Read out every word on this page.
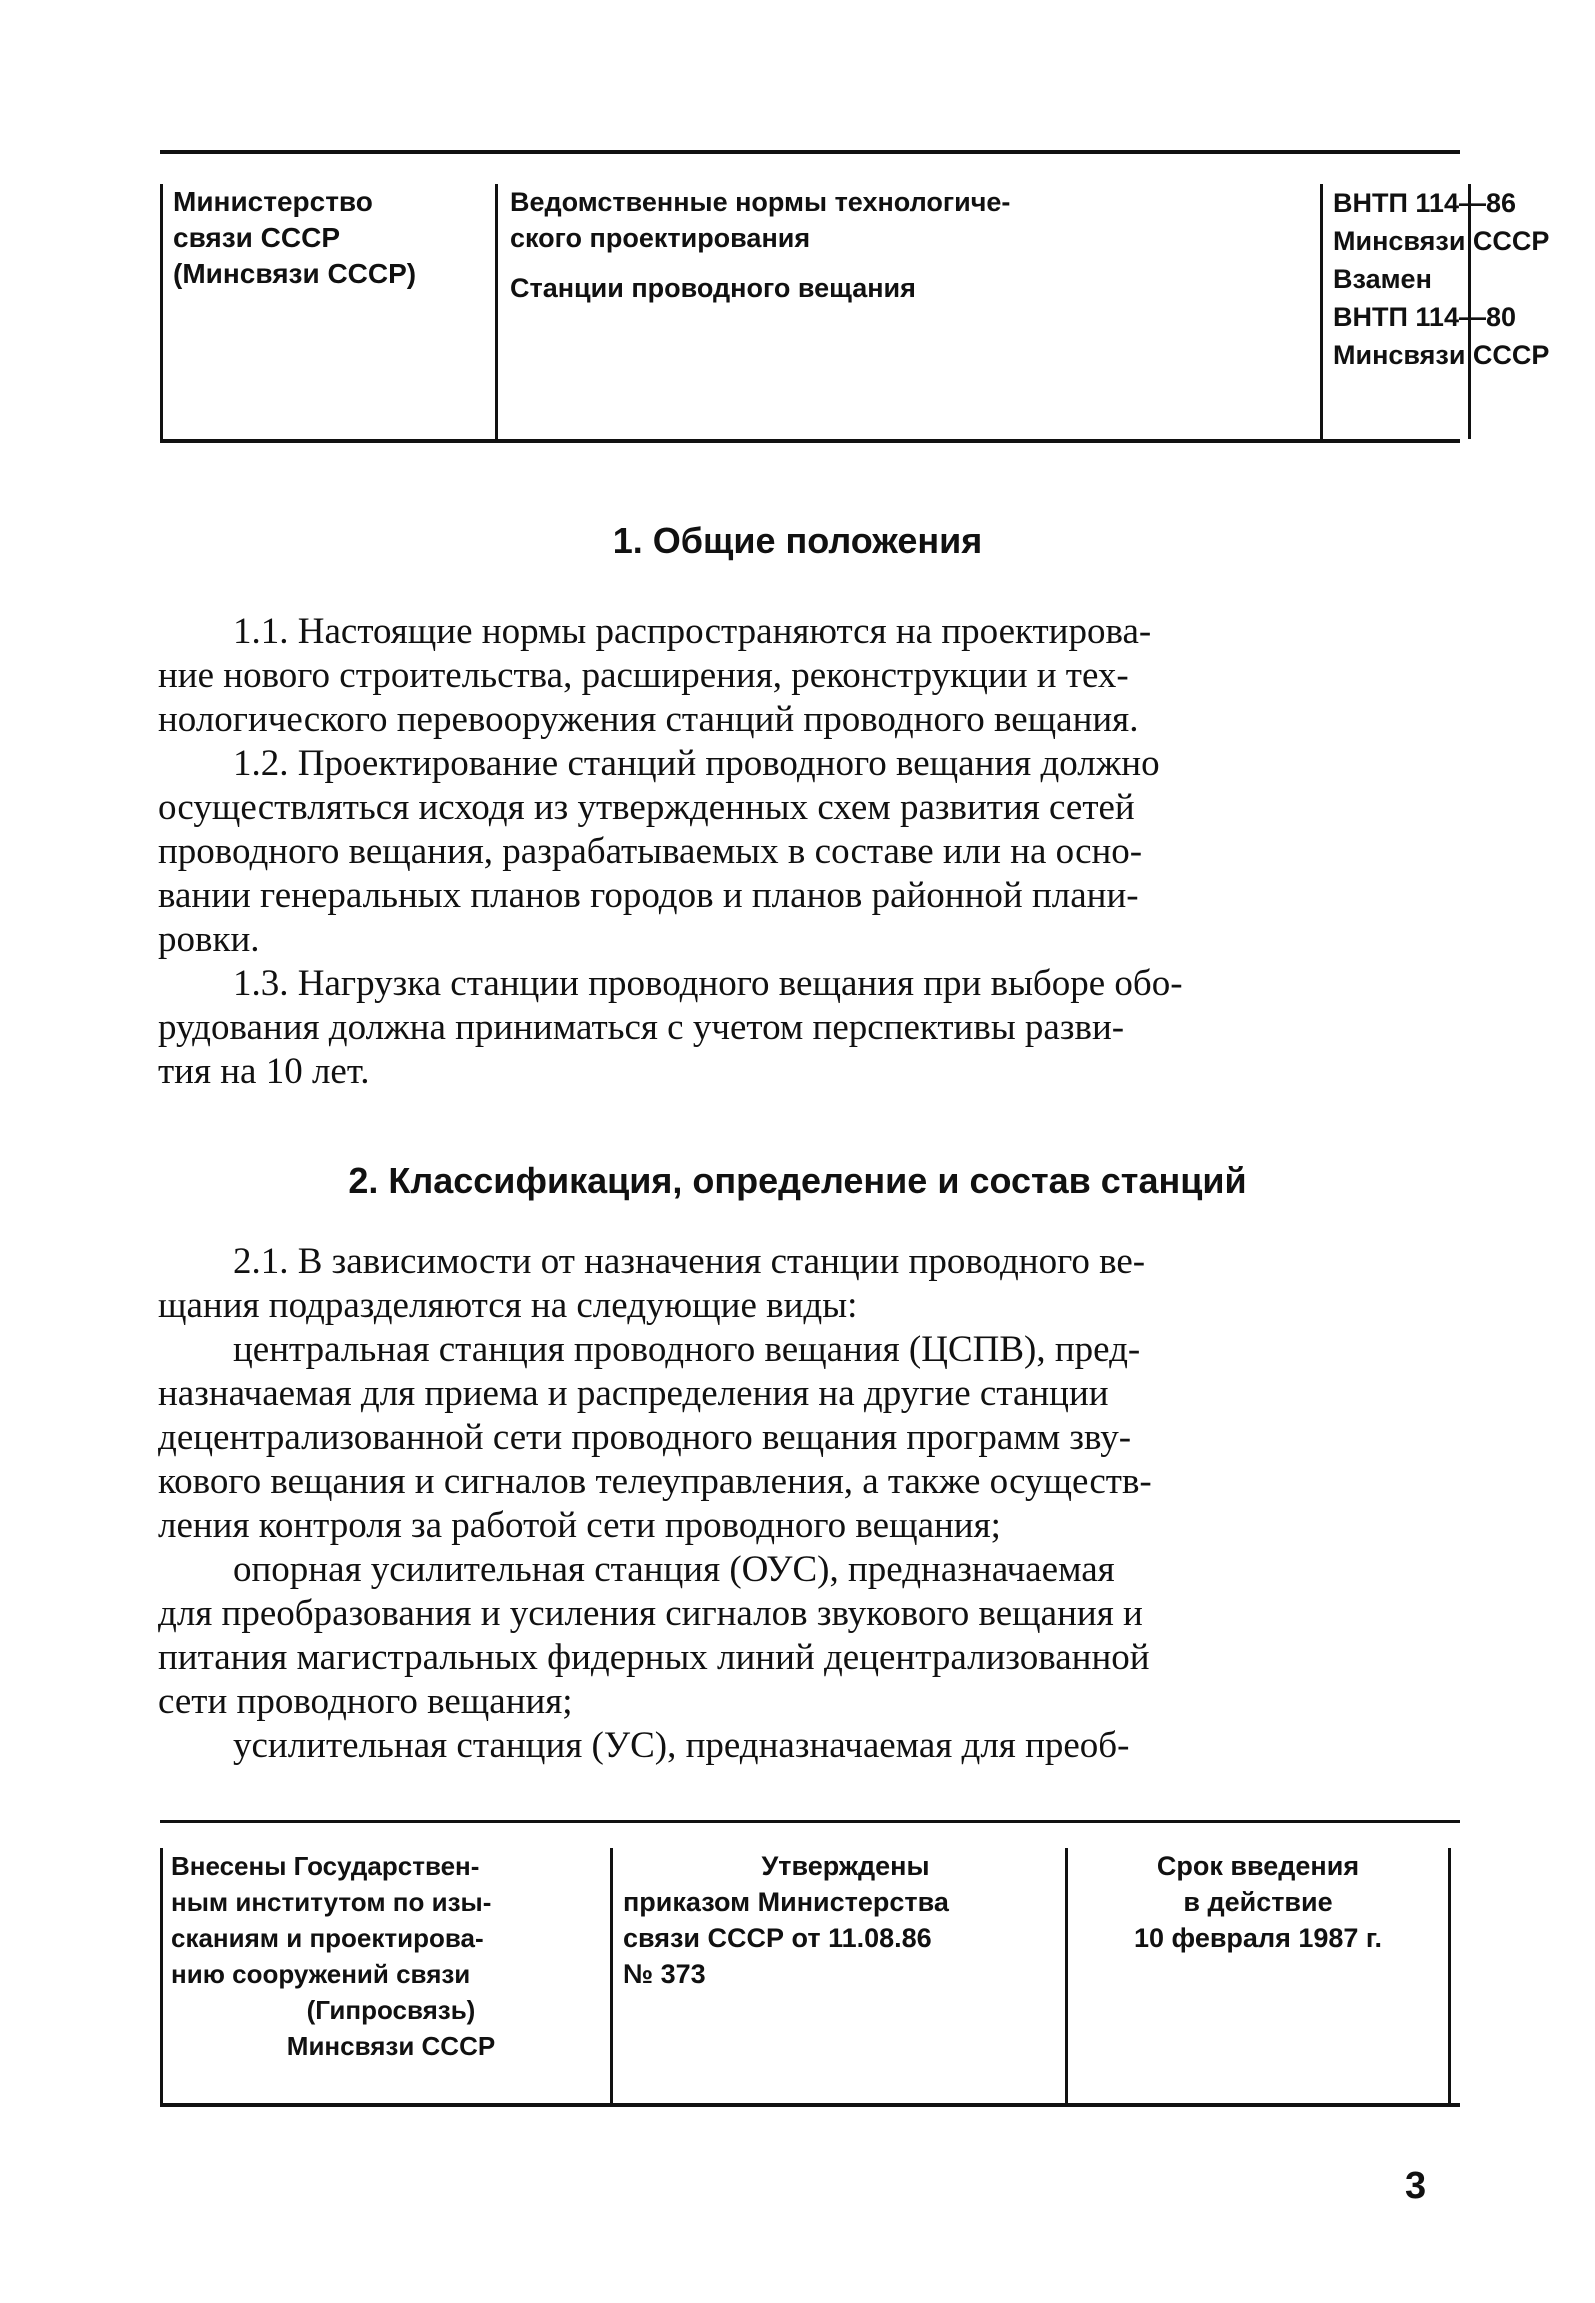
Министерство
связи СССР
(Минсвязи СССР)
Ведомственные нормы технологиче-
ского проектирования
Станции проводного вещания
ВНТП 114—86
Минсвязи СССР
Взамен
ВНТП 114—80
Минсвязи СССР
1. Общие положения
1.1. Настоящие нормы распространяются на проектирова-
ние нового строительства, расширения, реконструкции и тех-
нологического перевооружения станций проводного вещания.
1.2. Проектирование станций проводного вещания должно
осуществляться исходя из утвержденных схем развития сетей
проводного вещания, разрабатываемых в составе или на осно-
вании генеральных планов городов и планов районной плани-
ровки.
1.3. Нагрузка станции проводного вещания при выборе обо-
рудования должна приниматься с учетом перспективы разви-
тия на 10 лет.
2. Классификация, определение и состав станций
2.1. В зависимости от назначения станции проводного ве-
щания подразделяются на следующие виды:
центральная станция проводного вещания (ЦСПВ), пред-
назначаемая для приема и распределения на другие станции
децентрализованной сети проводного вещания программ зву-
кового вещания и сигналов телеуправления, а также осуществ-
ления контроля за работой сети проводного вещания;
опорная усилительная станция (ОУС), предназначаемая
для преобразования и усиления сигналов звукового вещания и
питания магистральных фидерных линий децентрализованной
сети проводного вещания;
усилительная станция (УС), предназначаемая для преоб-
Внесены Государствен-
ным институтом по изы-
сканиям и проектирова-
нию сооружений связи
(Гипросвязь)
Минсвязи СССР
Утверждены
приказом Министерства
связи СССР от 11.08.86
№ 373
Срок введения
в действие
10 февраля 1987 г.
3
